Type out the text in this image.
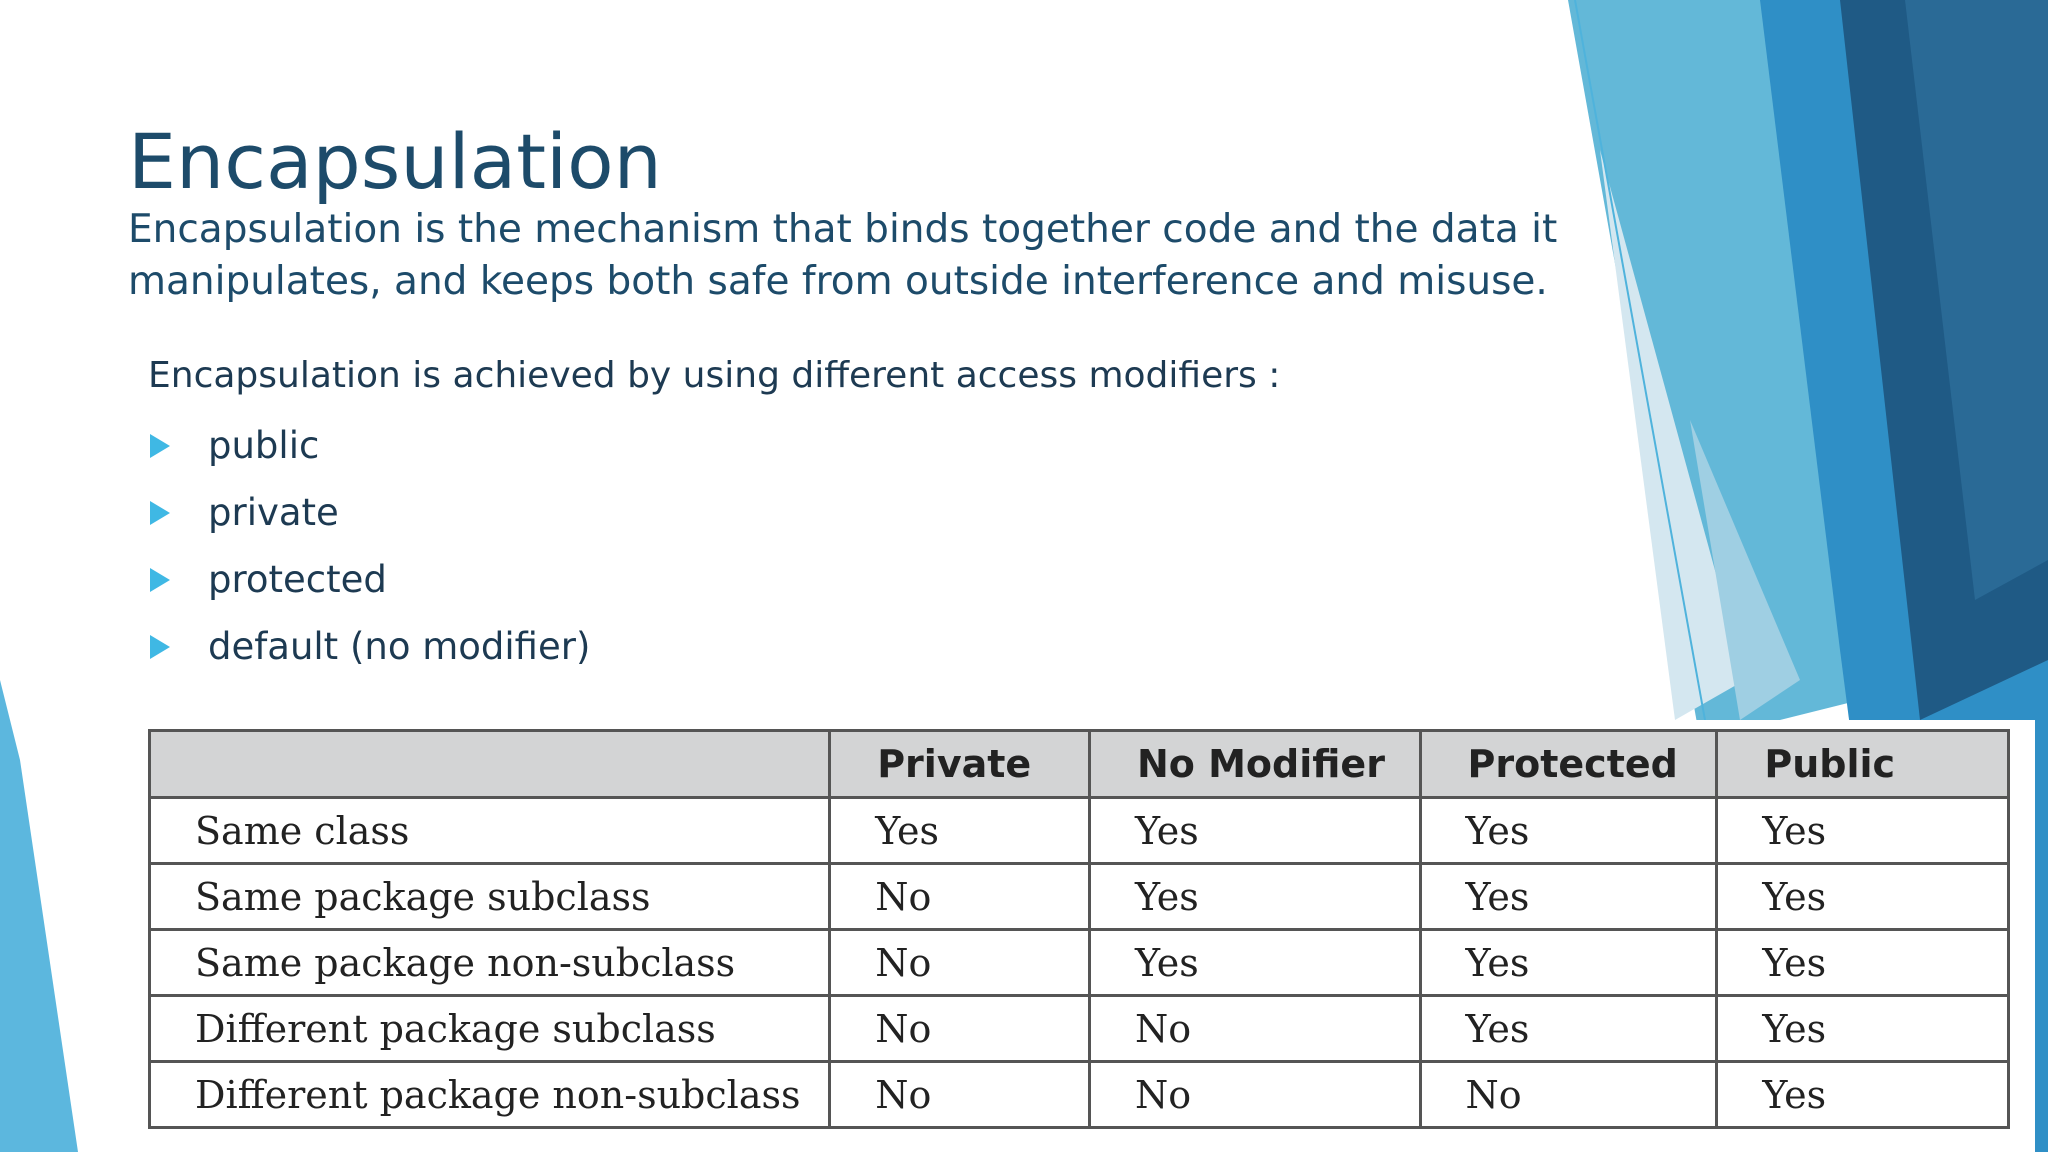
Encapsulation

Encapsulation is the mechanism that binds together code and the data it manipulates, and keeps both safe from outside interference and misuse.

Encapsulation is achieved by using different access modifiers :

public
private
protected
default (no modifier)
	Private	No Modifier	Protected	Public
Same class	Yes	Yes	Yes	Yes
Same package subclass	No	Yes	Yes	Yes
Same package non-subclass	No	Yes	Yes	Yes
Different package subclass	No	No	Yes	Yes
Different package non-subclass	No	No	No	Yes
